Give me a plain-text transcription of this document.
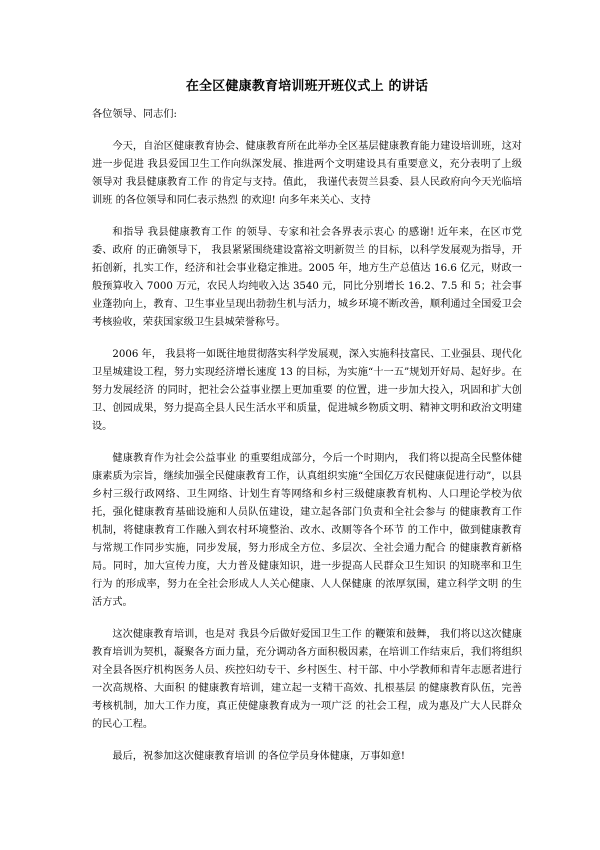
在全区健康教育培训班开班仪式上 的讲话

各位领导、同志们:

今天，自治区健康教育协会、健康教育所在此举办全区基层健康教育能力建设培训班，这对进一步促进 我县爱国卫生工作向纵深发展、推进两个文明建设具有重要意义，充分表明了上级领导对 我县健康教育工作 的肯定与支持。值此， 我谨代表贺兰县委、县人民政府向今天光临培训班 的各位领导和同仁表示热烈 的欢迎! 向多年来关心、支持

和指导 我县健康教育工作 的领导、专家和社会各界表示衷心 的感谢! 近年来，在区市党委、政府 的正确领导下， 我县紧紧围绕建设富裕文明新贺兰 的目标，以科学发展观为指导，开拓创新，扎实工作，经济和社会事业稳定推进。2005 年，地方生产总值达 16.6 亿元，财政一般预算收入 7000 万元，农民人均纯收入达 3540 元，同比分别增长 16.2、7.5 和 5；社会事业蓬勃向上，教育、卫生事业呈现出勃勃生机与活力，城乡环境不断改善，顺利通过全国爱卫会考核验收，荣获国家级卫生县城荣誉称号。

2006 年， 我县将一如既往地贯彻落实科学发展观，深入实施科技富民、工业强县、现代化卫星城建设工程，努力实现经济增长速度 13 的目标，为实施“十一五”规划开好局、起好步。在努力发展经济 的同时，把社会公益事业摆上更加重要 的位置，进一步加大投入，巩固和扩大创卫、创园成果，努力提高全县人民生活水平和质量，促进城乡物质文明、精神文明和政治文明建设。

健康教育作为社会公益事业 的重要组成部分，今后一个时期内， 我们将以提高全民整体健康素质为宗旨，继续加强全民健康教育工作，认真组织实施“全国亿万农民健康促进行动”，以县乡村三级行政网络、卫生网络、计划生育等网络和乡村三级健康教育机构、人口理论学校为依托，强化健康教育基础设施和人员队伍建设，建立起各部门负责和全社会参与 的健康教育工作机制，将健康教育工作融入到农村环境整治、改水、改厕等各个环节 的工作中，做到健康教育与常规工作同步实施，同步发展，努力形成全方位、多层次、全社会通力配合 的健康教育新格局。同时，加大宣传力度，大力普及健康知识，进一步提高人民群众卫生知识 的知晓率和卫生行为 的形成率，努力在全社会形成人人关心健康、人人保健康 的浓厚氛围，建立科学文明 的生活方式。

这次健康教育培训，也是对 我县今后做好爱国卫生工作 的鞭策和鼓舞， 我们将以这次健康教育培训为契机，凝聚各方面力量，充分调动各方面积极因素，在培训工作结束后，我们将组织对全县各医疗机构医务人员、疾控妇幼专干、乡村医生、村干部、中小学教师和青年志愿者进行一次高规格、大面积 的健康教育培训，建立起一支精干高效、扎根基层 的健康教育队伍，完善考核机制，加大工作力度，真正使健康教育成为一项广泛 的社会工程，成为惠及广大人民群众 的民心工程。

最后，祝参加这次健康教育培训 的各位学员身体健康，万事如意!
